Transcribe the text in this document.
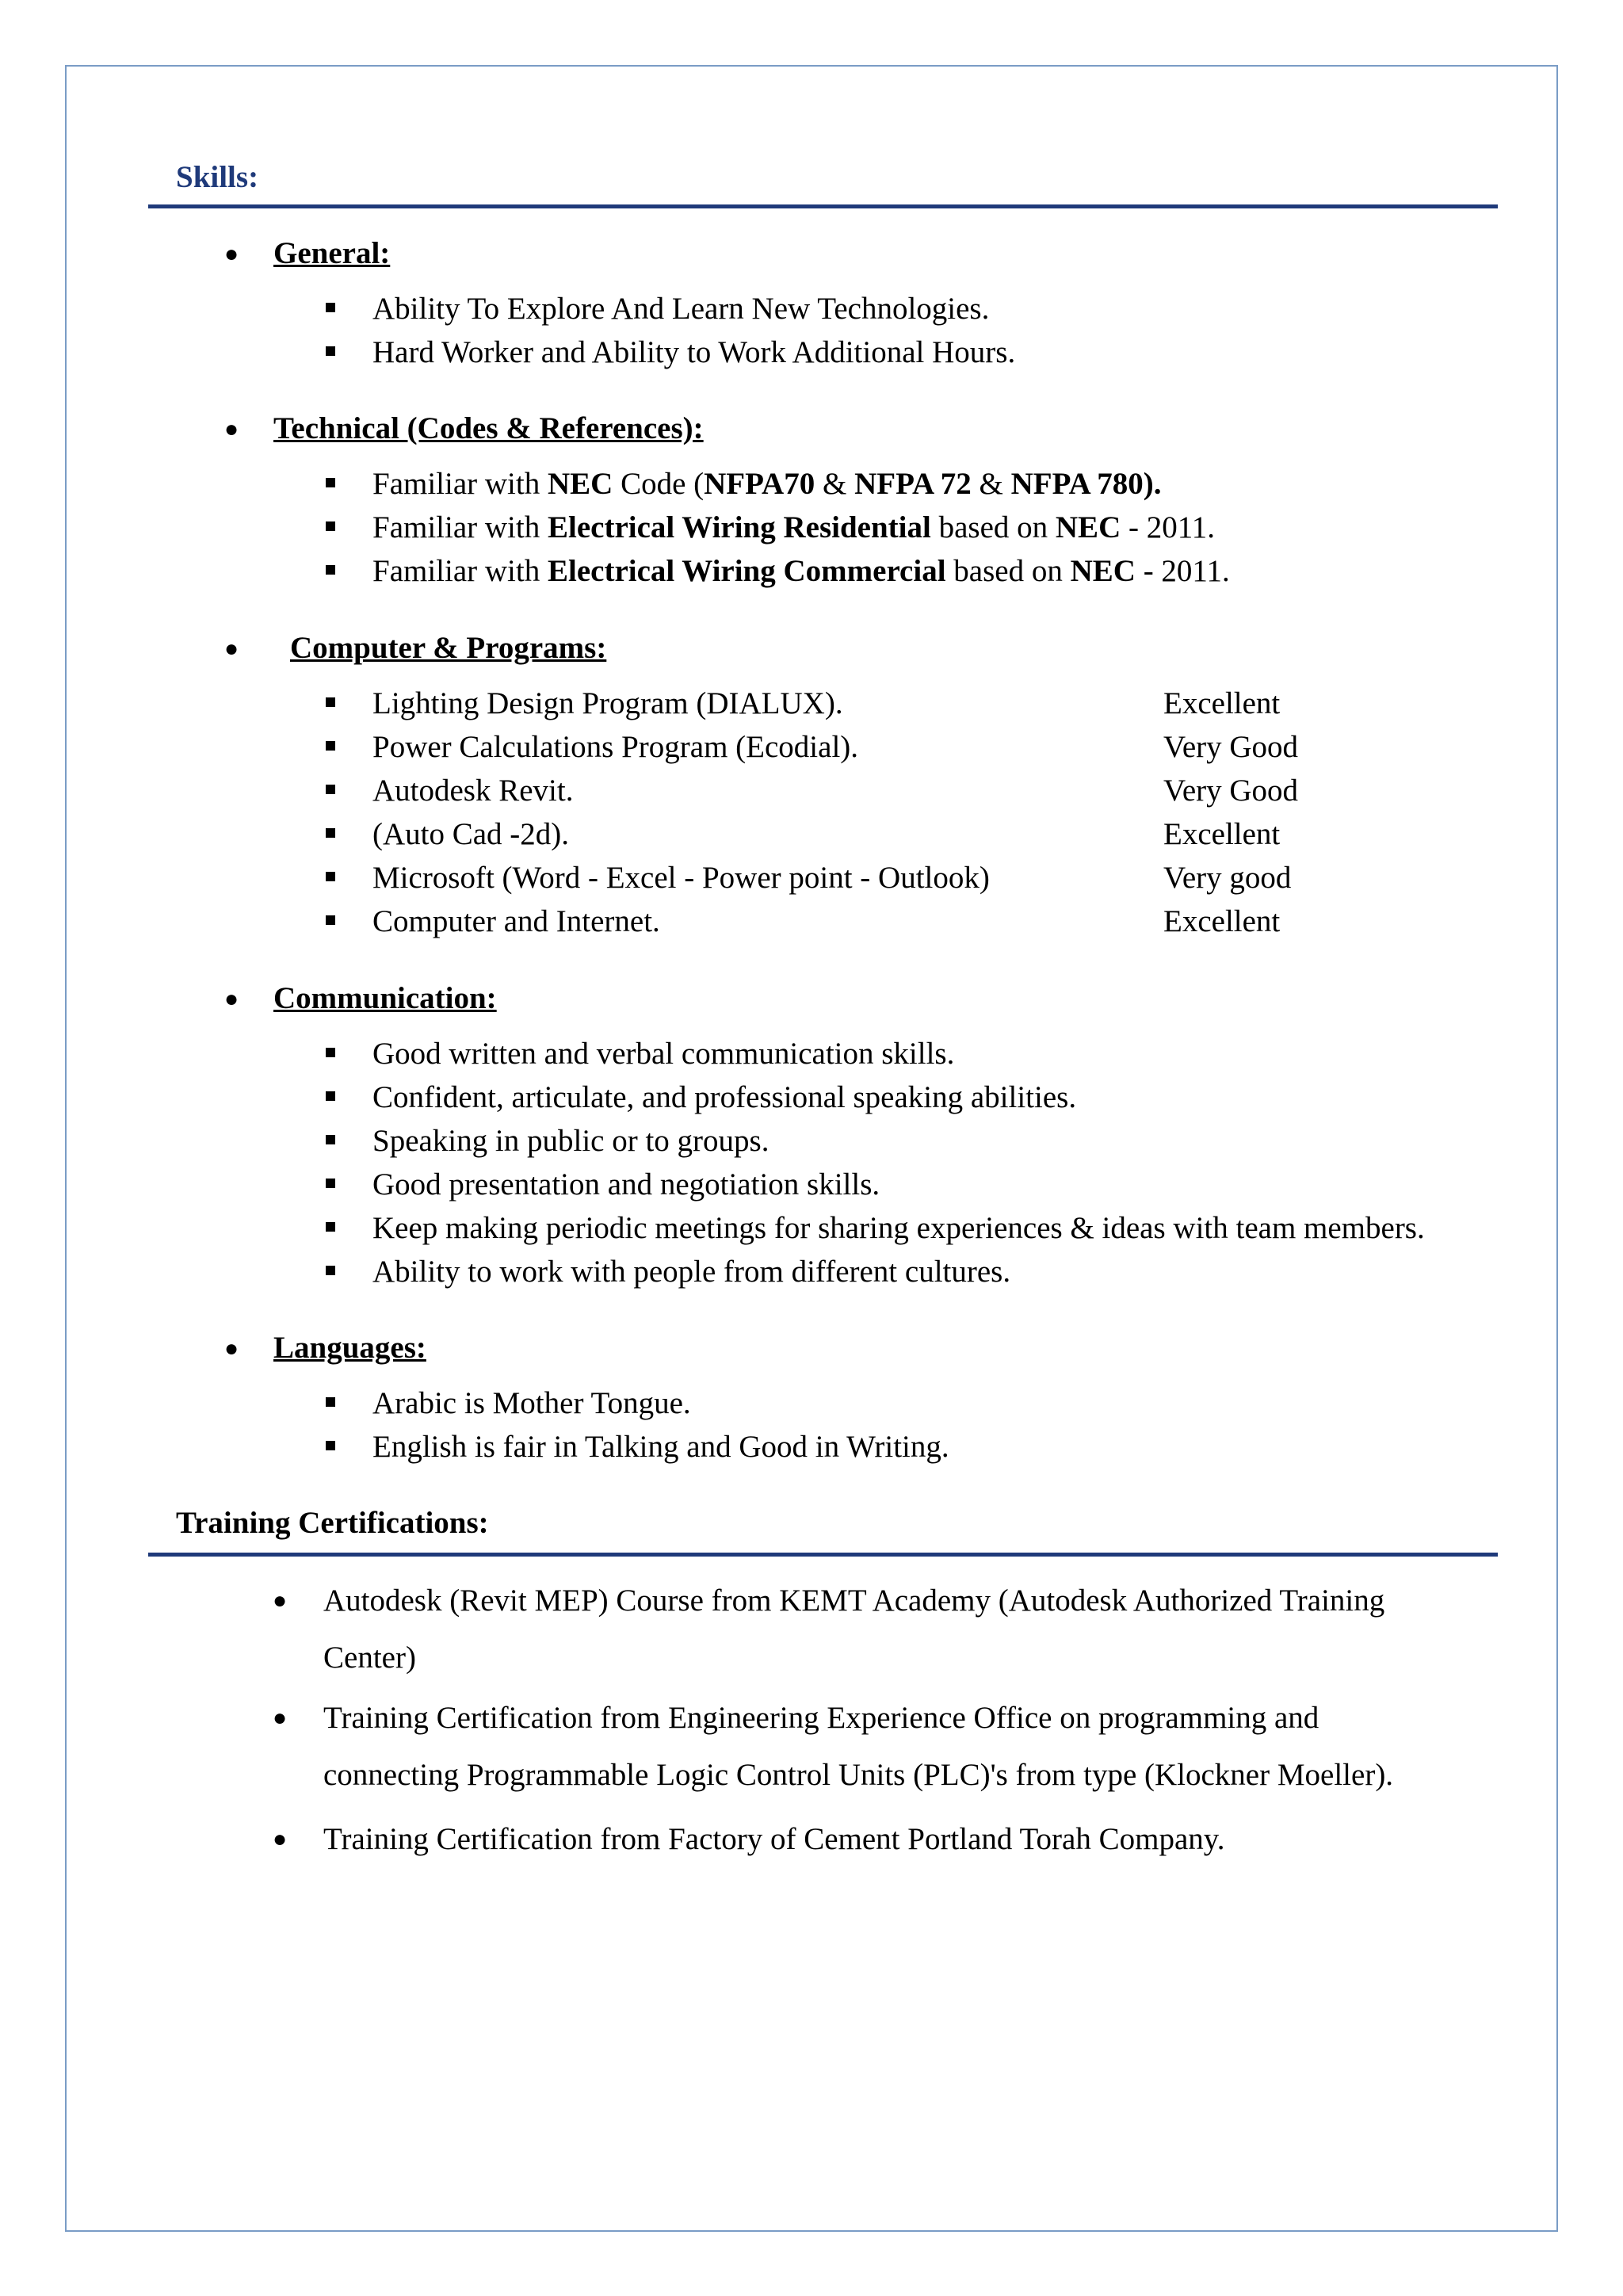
Skills:
● General:
Ability To Explore And Learn New Technologies.
Hard Worker and Ability to Work Additional Hours.
● Technical (Codes & References):
Familiar with NEC Code (NFPA70 & NFPA 72 & NFPA 780).
Familiar with Electrical Wiring Residential based on NEC - 2011.
Familiar with Electrical Wiring Commercial based on NEC - 2011.
● Computer & Programs:
Lighting Design Program (DIALUX).	Excellent
Power Calculations Program (Ecodial).	Very Good
Autodesk Revit.	Very Good
(Auto Cad -2d).	Excellent
Microsoft (Word - Excel - Power point - Outlook)	Very good
Computer and Internet.	Excellent
● Communication:
Good written and verbal communication skills.
Confident, articulate, and professional speaking abilities.
Speaking in public or to groups.
Good presentation and negotiation skills.
Keep making periodic meetings for sharing experiences & ideas with team members.
Ability to work with people from different cultures.
● Languages:
Arabic is Mother Tongue.
English is fair in Talking and Good in Writing.
Training Certifications:
● Autodesk (Revit MEP) Course from KEMT Academy (Autodesk Authorized Training
Center)
● Training Certification from Engineering Experience Office on programming and
connecting Programmable Logic Control Units (PLC)'s from type (Klockner Moeller).
● Training Certification from Factory of Cement Portland Torah Company.
